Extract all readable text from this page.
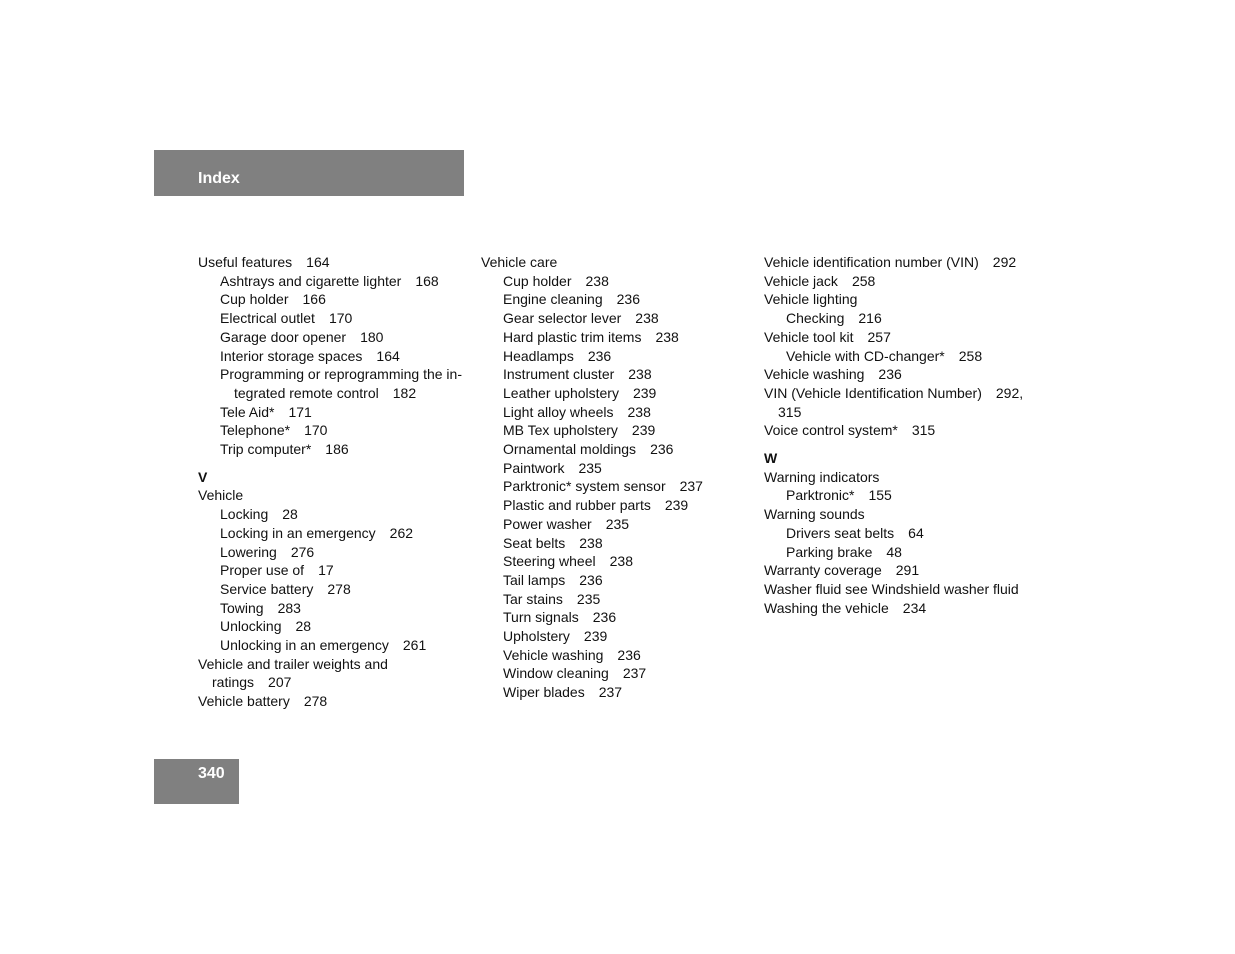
Index
Useful features 164
Ashtrays and cigarette lighter 168
Cup holder 166
Electrical outlet 170
Garage door opener 180
Interior storage spaces 164
Programming or reprogramming the in-
tegrated remote control 182
Tele Aid* 171
Telephone* 170
Trip computer* 186
V
Vehicle
Locking 28
Locking in an emergency 262
Lowering 276
Proper use of 17
Service battery 278
Towing 283
Unlocking 28
Unlocking in an emergency 261
Vehicle and trailer weights and
ratings 207
Vehicle battery 278
Vehicle care
Cup holder 238
Engine cleaning 236
Gear selector lever 238
Hard plastic trim items 238
Headlamps 236
Instrument cluster 238
Leather upholstery 239
Light alloy wheels 238
MB Tex upholstery 239
Ornamental moldings 236
Paintwork 235
Parktronic* system sensor 237
Plastic and rubber parts 239
Power washer 235
Seat belts 238
Steering wheel 238
Tail lamps 236
Tar stains 235
Turn signals 236
Upholstery 239
Vehicle washing 236
Window cleaning 237
Wiper blades 237
Vehicle identification number (VIN) 292
Vehicle jack 258
Vehicle lighting
Checking 216
Vehicle tool kit 257
Vehicle with CD-changer* 258
Vehicle washing 236
VIN (Vehicle Identification Number) 292,
315
Voice control system* 315
W
Warning indicators
Parktronic* 155
Warning sounds
Drivers seat belts 64
Parking brake 48
Warranty coverage 291
Washer fluid see Windshield washer fluid
Washing the vehicle 234
340
